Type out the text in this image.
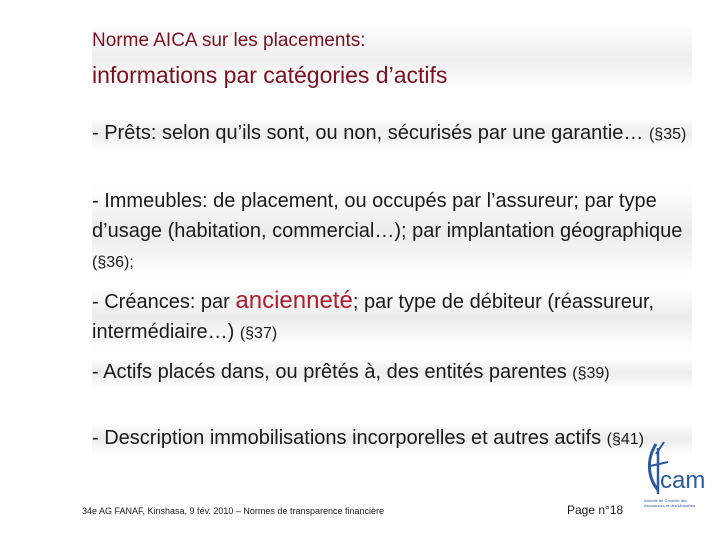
Norme AICA sur les placements:
informations par catégories d’actifs
- Prêts: selon qu’ils sont, ou non, sécurisés par une garantie… (§35)
- Immeubles: de placement, ou occupés par l’assureur; par type d’usage (habitation, commercial…); par implantation géographique (§36);
- Créances: par ancienneté; par type de débiteur (réassureur, intermédiaire…) (§37)
- Actifs placés dans, ou prêtés à, des entités parentes (§39)
- Description immobilisations incorporelles et autres actifs (§41)
34e AG FANAF, Kinshasa, 9 fév. 2010 – Normes de transparence financière	Page n°18
cam
Autorité de Contrôle des Assurances et des Mutuelles
